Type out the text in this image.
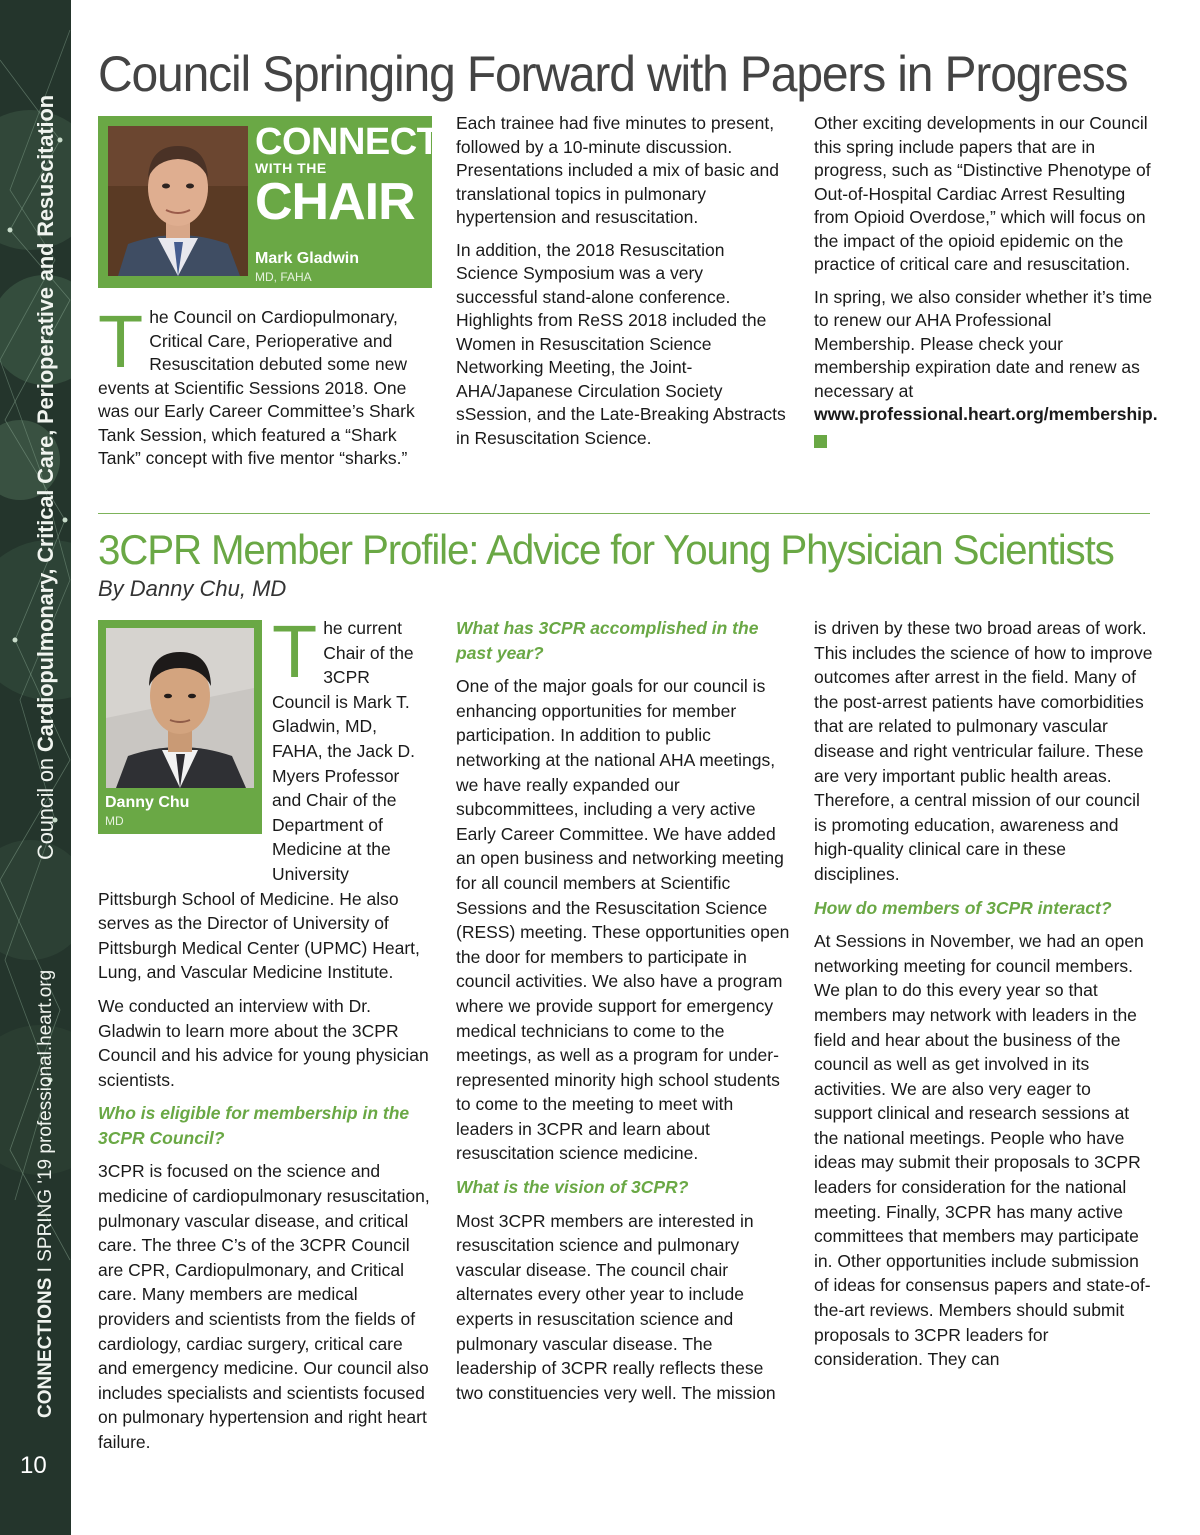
Council on Cardiopulmonary, Critical Care, Perioperative and Resuscitation
CONNECTIONS I SPRING '19 professional.heart.org
10
Council Springing Forward with Papers in Progress
CONNECTING
WITH THE
CHAIR
Mark Gladwin
MD, FAHA

The Council on Cardiopulmonary, Critical Care, Perioperative and Resuscitation debuted some new events at Scientific Sessions 2018. One was our Early Career Committee’s Shark Tank Session, which featured a “Shark Tank” concept with five mentor “sharks.”

Each trainee had five minutes to present, followed by a 10-minute discussion. Presentations included a mix of basic and translational topics in pulmonary hypertension and resuscitation.

In addition, the 2018 Resuscitation Science Symposium was a very successful stand-alone conference. Highlights from ReSS 2018 included the Women in Resuscitation Science Networking Meeting, the Joint-AHA/Japanese Circulation Society sSession, and the Late-Breaking Abstracts in Resuscitation Science.

Other exciting developments in our Council this spring include papers that are in progress, such as “Distinctive Phenotype of Out-of-Hospital Cardiac Arrest Resulting from Opioid Overdose,” which will focus on the impact of the opioid epidemic on the practice of critical care and resuscitation.

In spring, we also consider whether it’s time to renew our AHA Professional Membership. Please check your membership expiration date and renew as necessary at www.professional.heart.org/membership.

3CPR Member Profile: Advice for Young Physician Scientists
By Danny Chu, MD
Danny Chu
MD

The current Chair of the 3CPR Council is Mark T. Gladwin, MD, FAHA, the Jack D. Myers Professor and Chair of the Department of Medicine at the University Pittsburgh School of Medicine. He also serves as the Director of University of Pittsburgh Medical Center (UPMC) Heart, Lung, and Vascular Medicine Institute.

We conducted an interview with Dr. Gladwin to learn more about the 3CPR Council and his advice for young physician scientists.

Who is eligible for membership in the 3CPR Council?

3CPR is focused on the science and medicine of cardiopulmonary resuscitation, pulmonary vascular disease, and critical care. The three C’s of the 3CPR Council are CPR, Cardiopulmonary, and Critical care. Many members are medical providers and scientists from the fields of cardiology, cardiac surgery, critical care and emergency medicine. Our council also includes specialists and scientists focused on pulmonary hypertension and right heart failure.

What has 3CPR accomplished in the past year?

One of the major goals for our council is enhancing opportunities for member participation. In addition to public networking at the national AHA meetings, we have really expanded our subcommittees, including a very active Early Career Committee. We have added an open business and networking meeting for all council members at Scientific Sessions and the Resuscitation Science (RESS) meeting. These opportunities open the door for members to participate in council activities. We also have a program where we provide support for emergency medical technicians to come to the meetings, as well as a program for under-represented minority high school students to come to the meeting to meet with leaders in 3CPR and learn about resuscitation science medicine.

What is the vision of 3CPR?

Most 3CPR members are interested in resuscitation science and pulmonary vascular disease. The council chair alternates every other year to include experts in resuscitation science and pulmonary vascular disease. The leadership of 3CPR really reflects these two constituencies very well. The mission

is driven by these two broad areas of work. This includes the science of how to improve outcomes after arrest in the field. Many of the post-arrest patients have comorbidities that are related to pulmonary vascular disease and right ventricular failure. These are very important public health areas. Therefore, a central mission of our council is promoting education, awareness and high-quality clinical care in these disciplines.

How do members of 3CPR interact?

At Sessions in November, we had an open networking meeting for council members. We plan to do this every year so that members may network with leaders in the field and hear about the business of the council as well as get involved in its activities. We are also very eager to support clinical and research sessions at the national meetings. People who have ideas may submit their proposals to 3CPR leaders for consideration for the national meeting. Finally, 3CPR has many active committees that members may participate in. Other opportunities include submission of ideas for consensus papers and state-of-the-art reviews. Members should submit proposals to 3CPR leaders for consideration. They can
